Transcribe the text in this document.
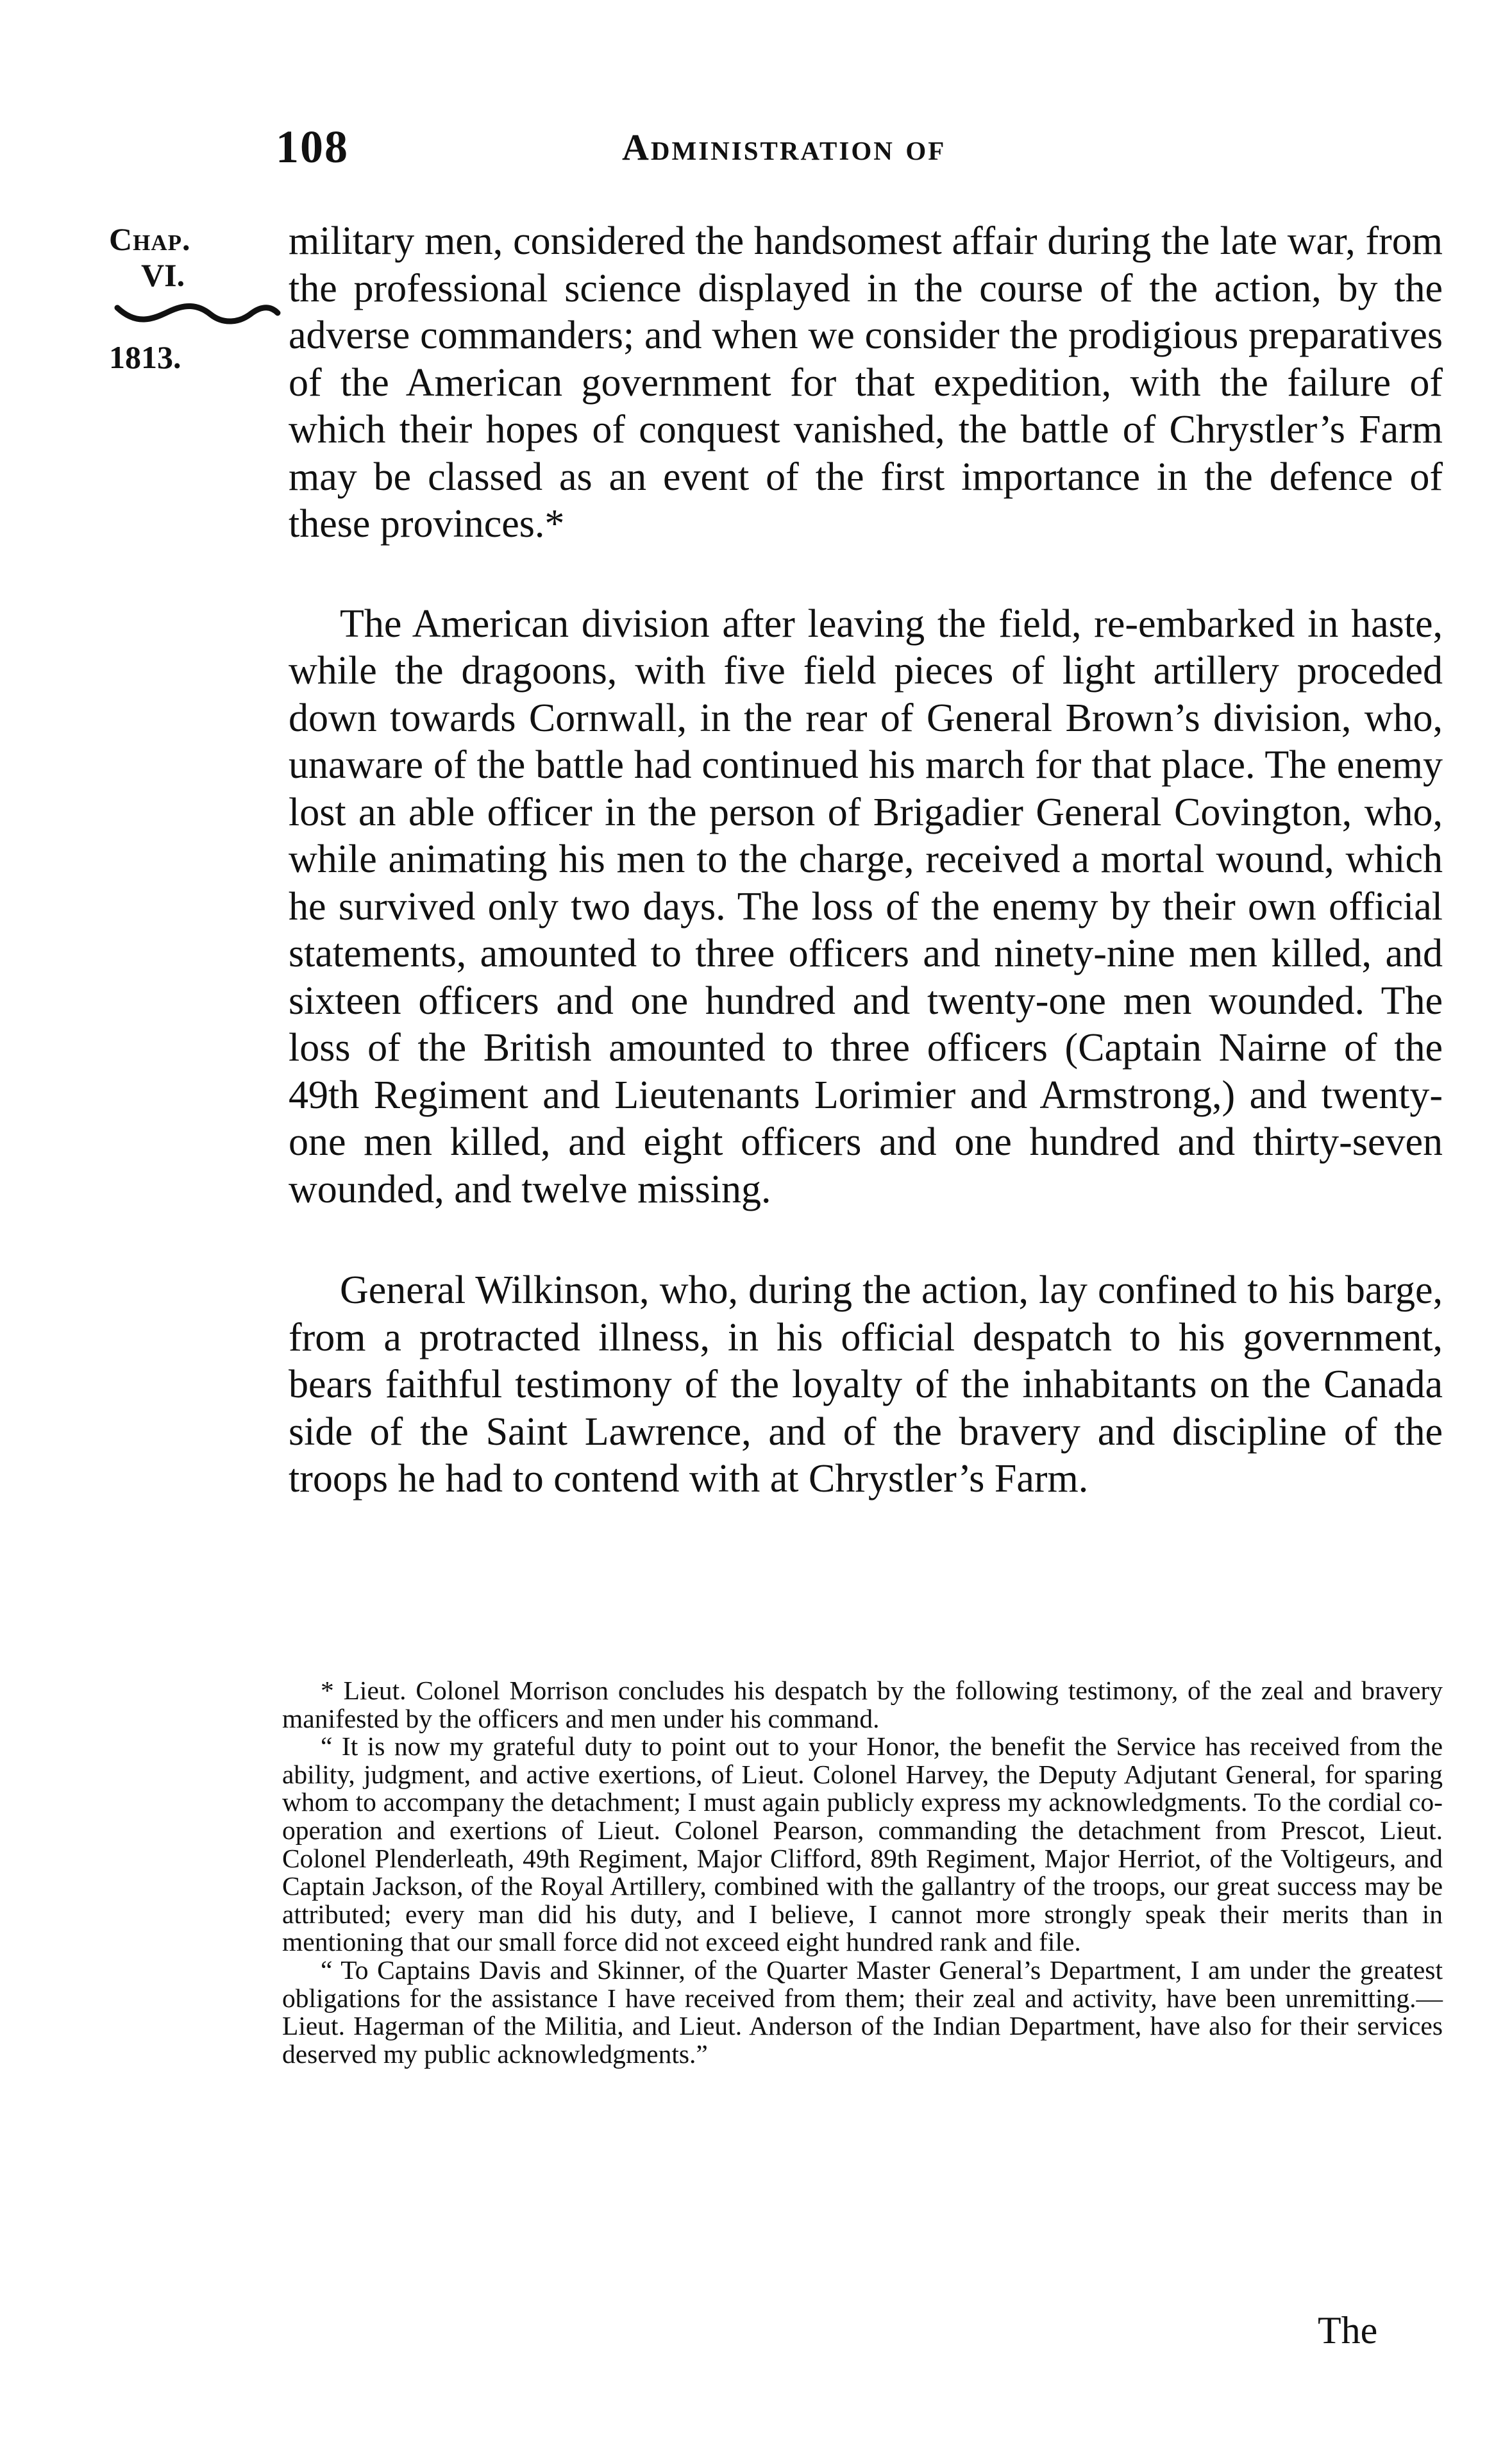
108	Administration of
Chap.
VI.
1813.

military men, considered the handsomest affair during the late war, from the professional science displayed in the course of the action, by the adverse commanders; and when we consider the prodigious preparatives of the American government for that expedition, with the failure of which their hopes of conquest vanished, the battle of Chrystler’s Farm may be classed as an event of the first importance in the defence of these provinces.*

The American division after leaving the field, re-embarked in haste, while the dragoons, with five field pieces of light artillery proceded down towards Cornwall, in the rear of General Brown’s division, who, unaware of the battle had continued his march for that place. The enemy lost an able officer in the person of Brigadier General Covington, who, while animating his men to the charge, received a mortal wound, which he survived only two days. The loss of the enemy by their own official statements, amounted to three officers and ninety-nine men killed, and sixteen officers and one hundred and twenty-one men wounded. The loss of the British amounted to three officers (Captain Nairne of the 49th Regiment and Lieutenants Lorimier and Armstrong,) and twenty-one men killed, and eight officers and one hundred and thirty-seven wounded, and twelve missing.

General Wilkinson, who, during the action, lay confined to his barge, from a protracted illness, in his official despatch to his government, bears faithful testimony of the loyalty of the inhabitants on the Canada side of the Saint Lawrence, and of the bravery and discipline of the troops he had to contend with at Chrystler’s Farm.

* Lieut. Colonel Morrison concludes his despatch by the following testimony, of the zeal and bravery manifested by the officers and men under his command.

“ It is now my grateful duty to point out to your Honor, the benefit the Service has received from the ability, judgment, and active exertions, of Lieut. Colonel Harvey, the Deputy Adjutant General, for sparing whom to accompany the detachment; I must again publicly express my acknowledgments. To the cordial co-operation and exertions of Lieut. Colonel Pearson, commanding the detachment from Prescot, Lieut. Colonel Plenderleath, 49th Regiment, Major Clifford, 89th Regiment, Major Herriot, of the Voltigeurs, and Captain Jackson, of the Royal Artillery, combined with the gallantry of the troops, our great success may be attributed; every man did his duty, and I believe, I cannot more strongly speak their merits than in mentioning that our small force did not exceed eight hundred rank and file.

“ To Captains Davis and Skinner, of the Quarter Master General’s Department, I am under the greatest obligations for the assistance I have received from them; their zeal and activity, have been unremitting.—Lieut. Hagerman of the Militia, and Lieut. Anderson of the Indian Department, have also for their services deserved my public acknowledgments.”

The
